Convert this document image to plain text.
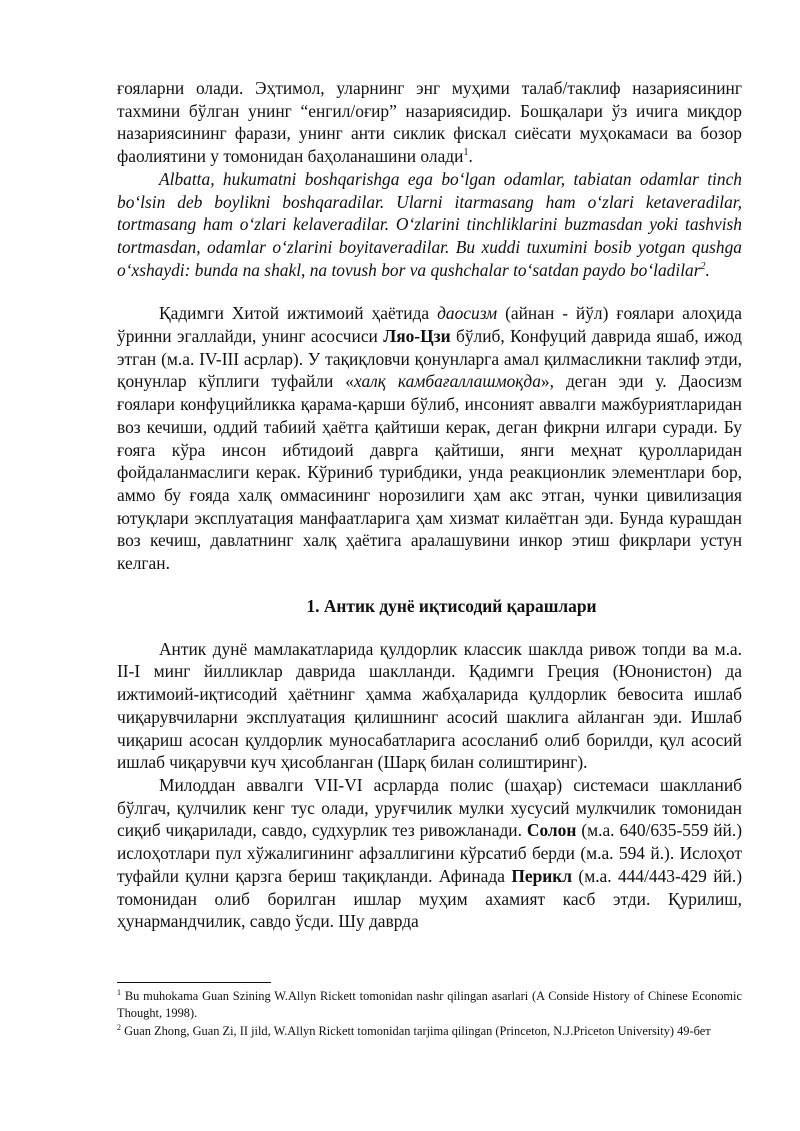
ғояларни олади. Эҳтимол, уларнинг энг муҳими талаб/таклиф назариясининг тахмини бўлган унинг “енгил/оғир” назариясидир. Бошқалари ўз ичига миқдор назариясининг фарази, унинг анти сиклик фискал сиёсати муҳокамаси ва бозор фаолиятини у томонидан баҳоланашини олади$^1$.

Albatta, hukumatni boshqarishga ega boʻlgan odamlar, tabiatan odamlar tinch boʻlsin deb boylikni boshqaradilar. Ularni itarmasang ham oʻzlari ketaveradilar, tortmasang ham oʻzlari kelaveradilar. Oʻzlarini tinchliklarini buzmasdan yoki tashvish tortmasdan, odamlar oʻzlarini boyitaveradilar. Bu xuddi tuxumini bosib yotgan qushga oʻxshaydi: bunda na shakl, na tovush bor va qushchalar toʻsatdan paydo boʻladilar$^2$.

Қадимги Хитой ижтимоий ҳаётида даосизм (айнан - йўл) ғоялари алоҳида ўринни эгаллайди, унинг асосчиси Ляо-Цзи бўлиб, Конфуций даврида яшаб, ижод этган (м.а. IV-III асрлар). У тақиқловчи қонунларга амал қилмасликни таклиф этди, қонунлар кўплиги туфайли «халқ камбағаллашмоқда», деган эди у. Даосизм ғоялари конфуцийликка қарама-қарши бўлиб, инсоният аввалги мажбуриятларидан воз кечиши, оддий табиий ҳаётга қайтиши керак, деган фикрни илгари суради. Бу ғояга кўра инсон ибтидоий даврга қайтиши, янги меҳнат қуролларидан фойдаланмаслиги керак. Кўриниб турибдики, унда реакционлик элементлари бор, аммо бу ғояда халқ оммасининг норозилиги ҳам акс этган, чунки цивилизация ютуқлари эксплуатация манфаатларига ҳам хизмат килаётган эди. Бунда курашдан воз кечиш, давлатнинг халқ ҳаётига аралашувини инкор этиш фикрлари устун келган.

1. Антик дунё иқтисодий қарашлари

Антик дунё мамлакатларида қулдорлик классик шаклда ривож топди ва м.а. II-I минг йилликлар даврида шаклланди. Қадимги Греция (Юнонистон) да ижтимоий-иқтисодий ҳаётнинг ҳамма жабҳаларида қулдорлик бевосита ишлаб чиқарувчиларни эксплуатация қилишнинг асосий шаклига айланган эди. Ишлаб чиқариш асосан қулдорлик муносабатларига асосланиб олиб борилди, қул асосий ишлаб чиқарувчи куч ҳисобланган (Шарқ билан солиштиринг).

Милоддан аввалги VII-VI асрларда полис (шаҳар) системаси шаклланиб бўлгач, қулчилик кенг тус олади, уруғчилик мулки хусусий мулкчилик томонидан сиқиб чиқарилади, савдо, судхурлик тез ривожланади. Солон (м.а. 640/635-559 йй.) ислоҳотлари пул хўжалигининг афзаллигини кўрсатиб берди (м.а. 594 й.). Ислоҳот туфайли қулни қарзга бериш тақиқланди. Афинада Перикл (м.а. 444/443-429 йй.) томонидан олиб борилган ишлар муҳим ахамият касб этди. Қурилиш, ҳунармандчилик, савдо ўсди. Шу даврда

$^1$ Bu muhokama Guan Szining W.Allyn Rickett tomonidan nashr qilingan asarlari (A Conside History of Chinese Economic Thought, 1998).

$^2$ Guan Zhong, Guan Zi, II jild, W.Allyn Rickett tomonidan tarjima qilingan (Princeton, N.J.Priceton University) 49-бет
